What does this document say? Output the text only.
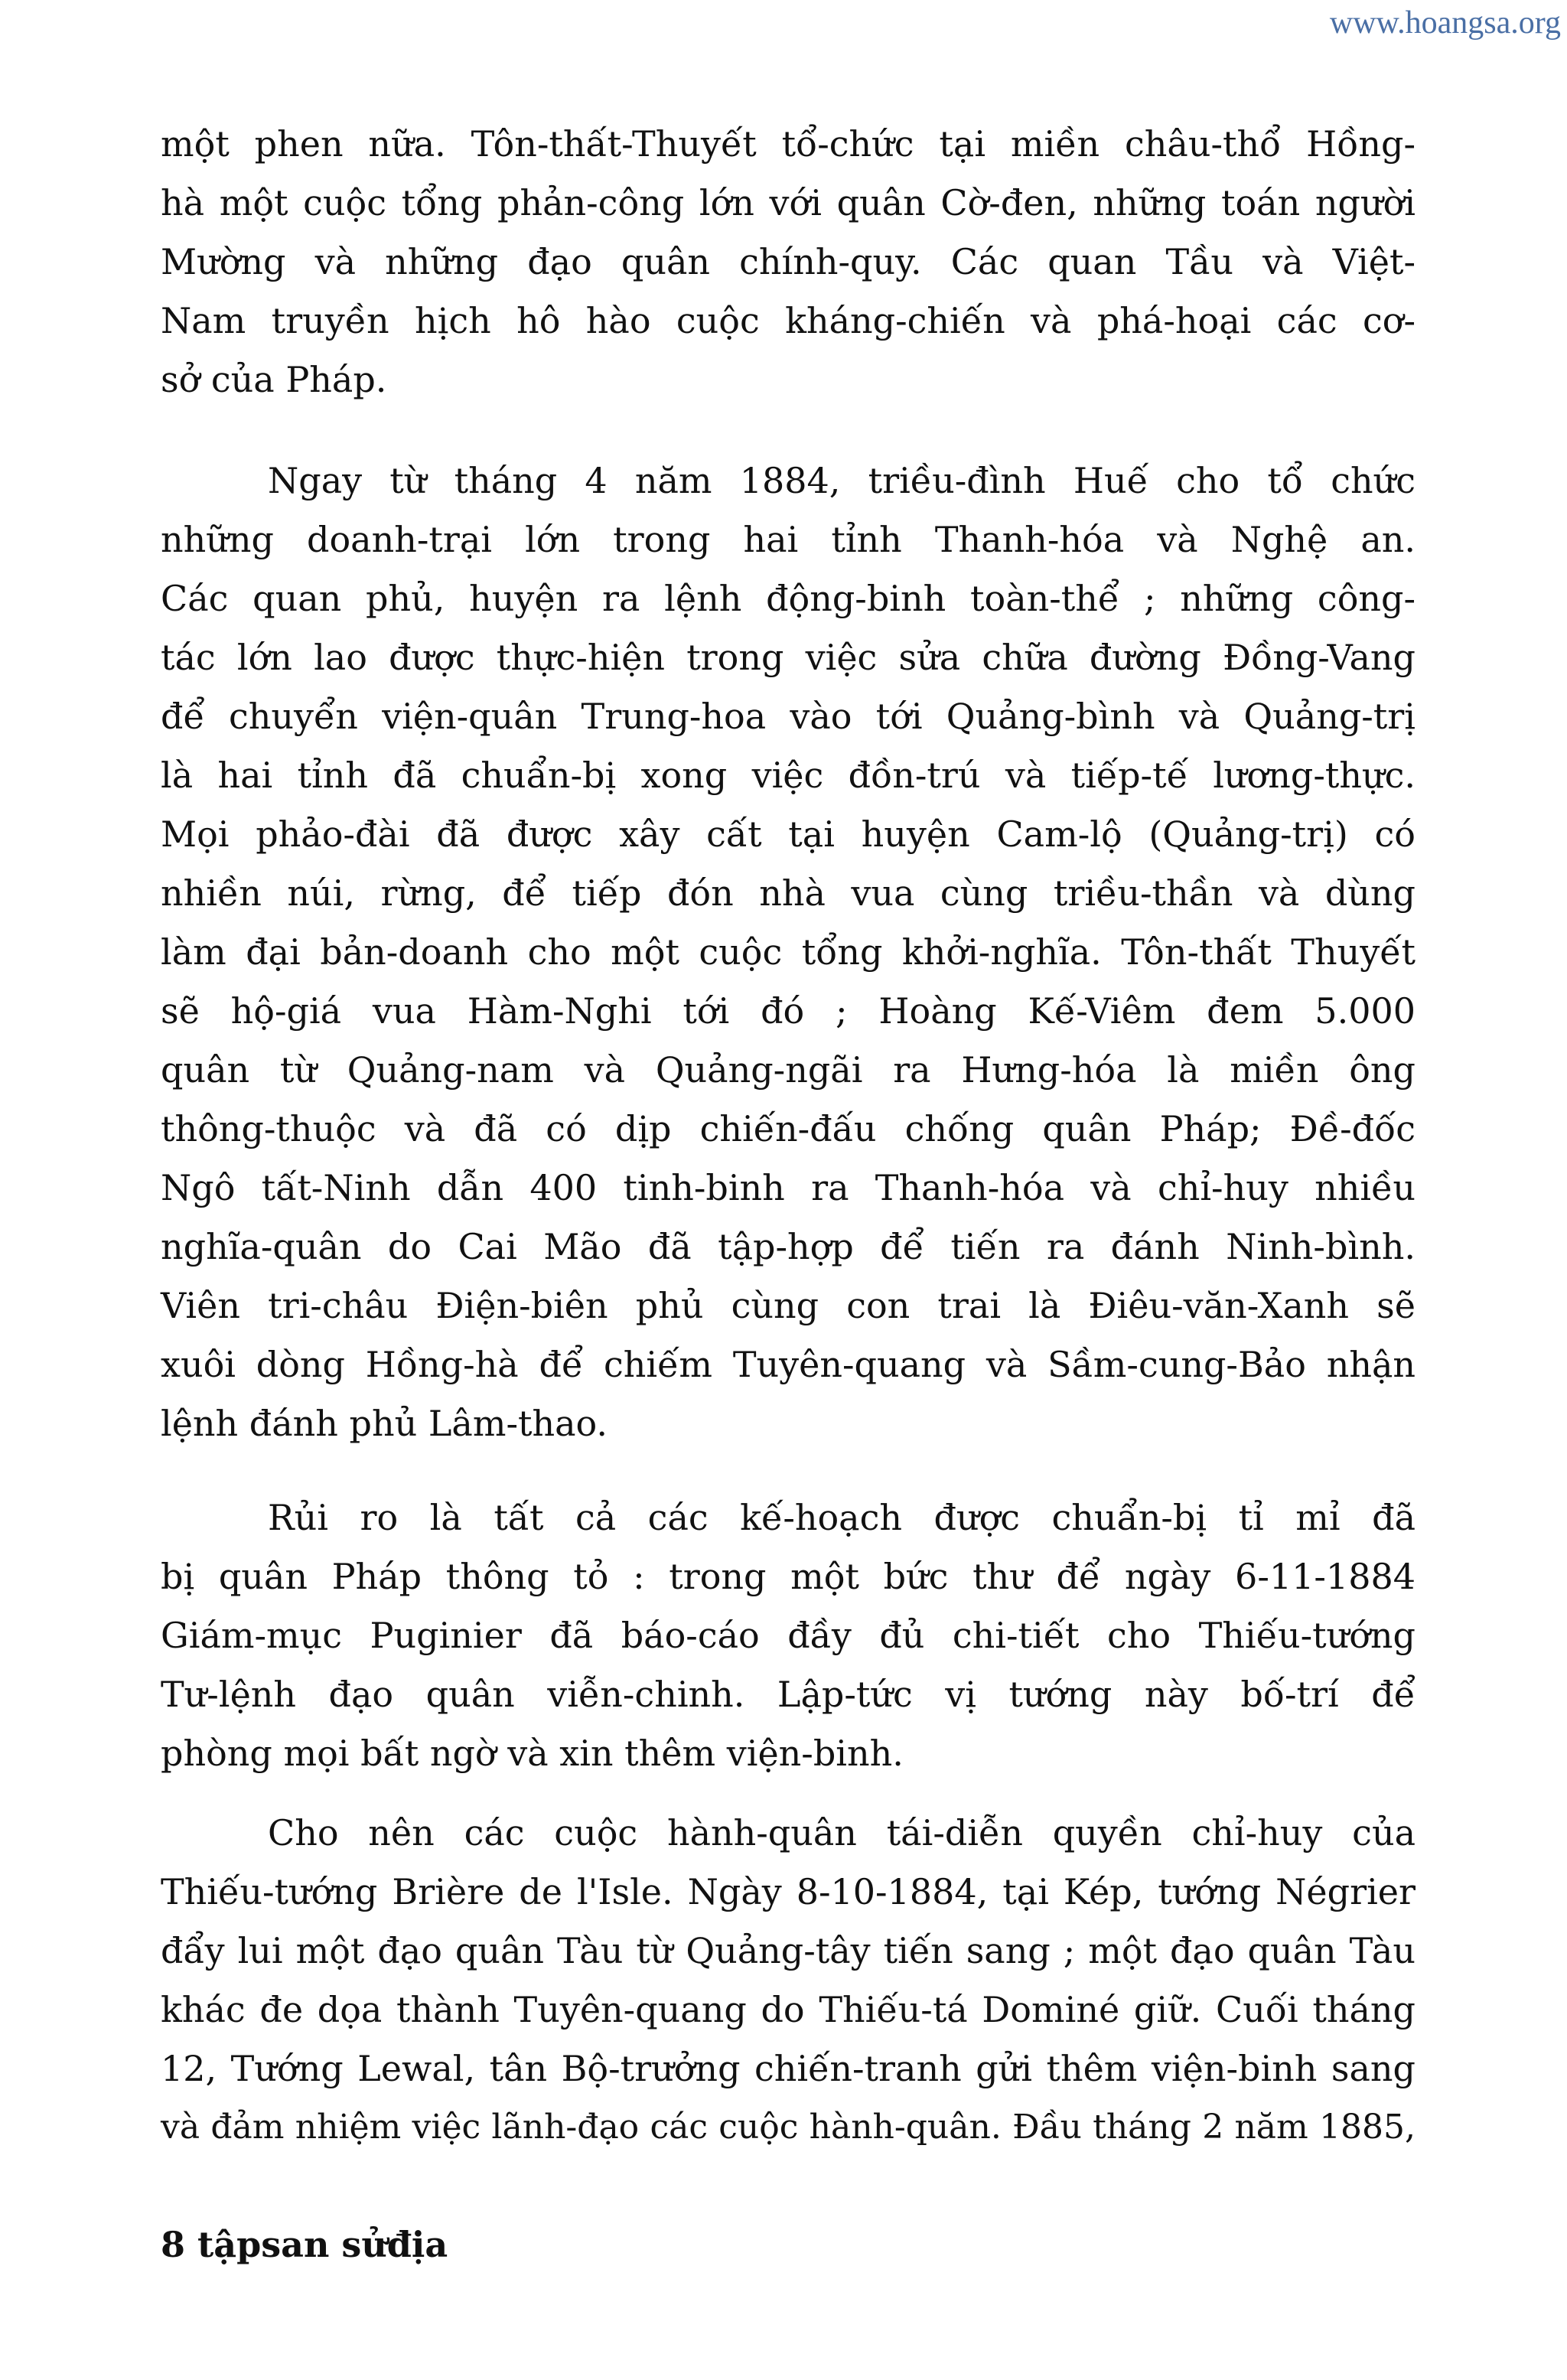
www.hoangsa.org
một phen nữa. Tôn-thất-Thuyết tổ-chức tại miền châu-thổ Hồng-
hà một cuộc tổng phản-công lớn với quân Cờ-đen, những toán người
Mường và những đạo quân chính-quy. Các quan Tầu và Việt-
Nam truyền hịch hô hào cuộc kháng-chiến và phá-hoại các cơ-
sở của Pháp.
Ngay từ tháng 4 năm 1884, triều-đình Huế cho tổ chức
những doanh-trại lớn trong hai tỉnh Thanh-hóa và Nghệ an.
Các quan phủ, huyện ra lệnh động-binh toàn-thể ; những công-
tác lớn lao được thực-hiện trong việc sửa chữa đường Đồng-Vang
để chuyển viện-quân Trung-hoa vào tới Quảng-bình và Quảng-trị
là hai tỉnh đã chuẩn-bị xong việc đồn-trú và tiếp-tế lương-thực.
Mọi phảo-đài đã được xây cất tại huyện Cam-lộ (Quảng-trị) có
nhiền núi, rừng, để tiếp đón nhà vua cùng triều-thần và dùng
làm đại bản-doanh cho một cuộc tổng khởi-nghĩa. Tôn-thất Thuyết
sẽ hộ-giá vua Hàm-Nghi tới đó ; Hoàng Kế-Viêm đem 5.000
quân từ Quảng-nam và Quảng-ngãi ra Hưng-hóa là miền ông
thông-thuộc và đã có dịp chiến-đấu chống quân Pháp; Đề-đốc
Ngô tất-Ninh dẫn 400 tinh-binh ra Thanh-hóa và chỉ-huy nhiều
nghĩa-quân do Cai Mão đã tập-hợp để tiến ra đánh Ninh-bình.
Viên tri-châu Điện-biên phủ cùng con trai là Điêu-văn-Xanh sẽ
xuôi dòng Hồng-hà để chiếm Tuyên-quang và Sầm-cung-Bảo nhận
lệnh đánh phủ Lâm-thao.
Rủi ro là tất cả các kế-hoạch được chuẩn-bị tỉ mỉ đã
bị quân Pháp thông tỏ : trong một bức thư để ngày 6-11-1884
Giám-mục Puginier đã báo-cáo đầy đủ chi-tiết cho Thiếu-tướng
Tư-lệnh đạo quân viễn-chinh. Lập-tức vị tướng này bố-trí để
phòng mọi bất ngờ và xin thêm viện-binh.
Cho nên các cuộc hành-quân tái-diễn quyền chỉ-huy của
Thiếu-tướng Brière de l'Isle. Ngày 8-10-1884, tại Kép, tướng Négrier
đẩy lui một đạo quân Tàu từ Quảng-tây tiến sang ; một đạo quân Tàu
khác đe dọa thành Tuyên-quang do Thiếu-tá Dominé giữ. Cuối tháng
12, Tướng Lewal, tân Bộ-trưởng chiến-tranh gửi thêm viện-binh sang
và đảm nhiệm việc lãnh-đạo các cuộc hành-quân. Đầu tháng 2 năm 1885,
8 tậpsan sửđịa
